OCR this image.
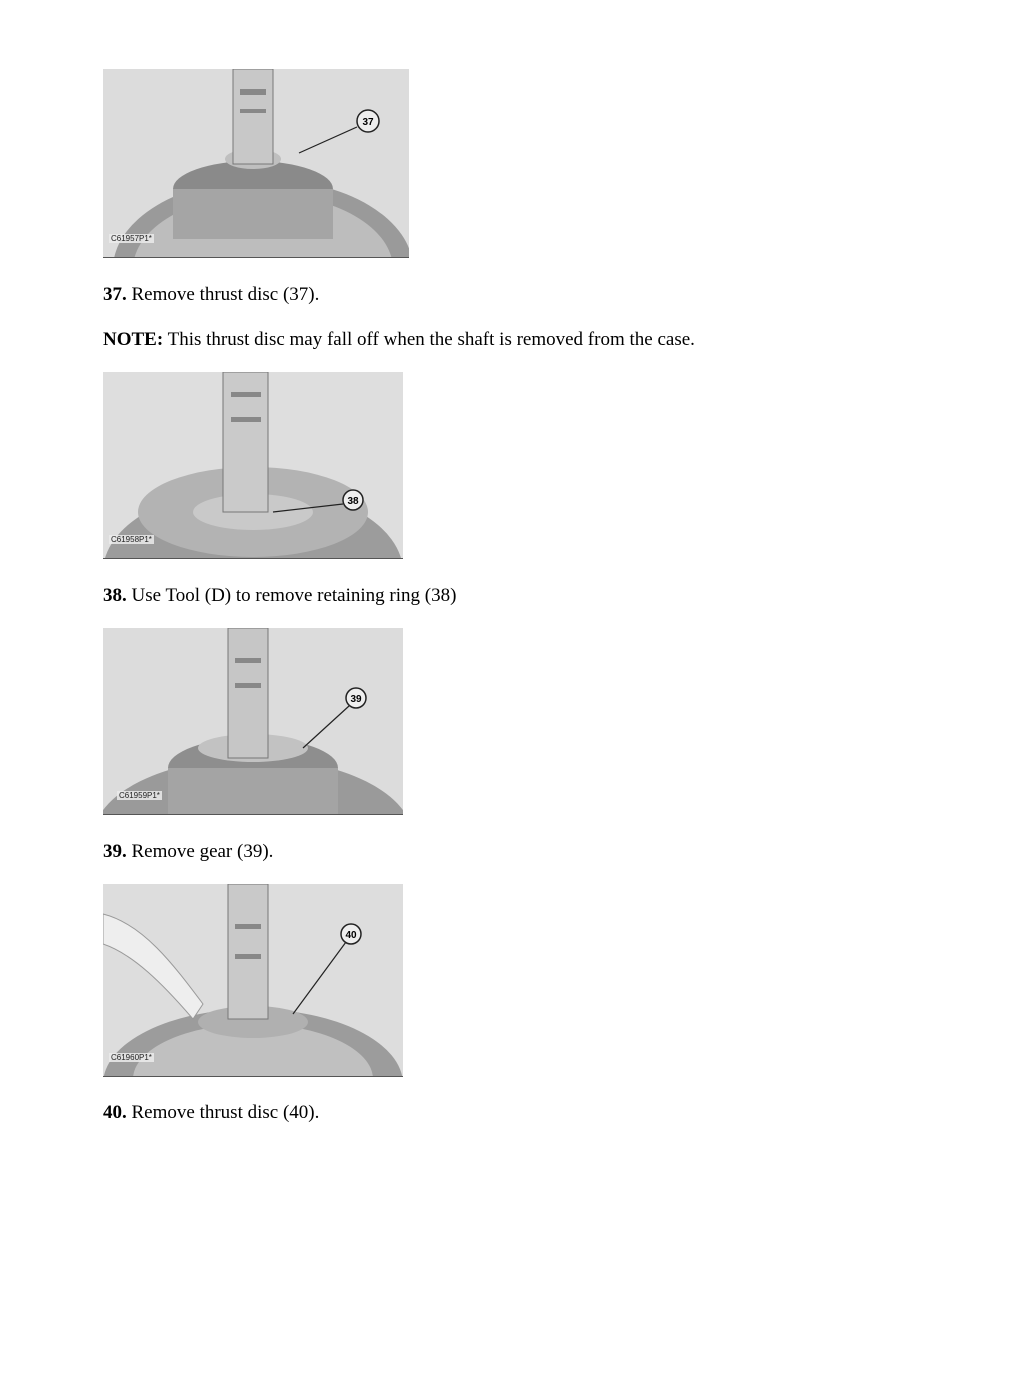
37
C61957P1*

37. Remove thrust disc (37).

NOTE: This thrust disc may fall off when the shaft is removed from the case.

38
C61958P1*

38. Use Tool (D) to remove retaining ring (38)

39
C61959P1*

39. Remove gear (39).

40
C61960P1*

40. Remove thrust disc (40).
